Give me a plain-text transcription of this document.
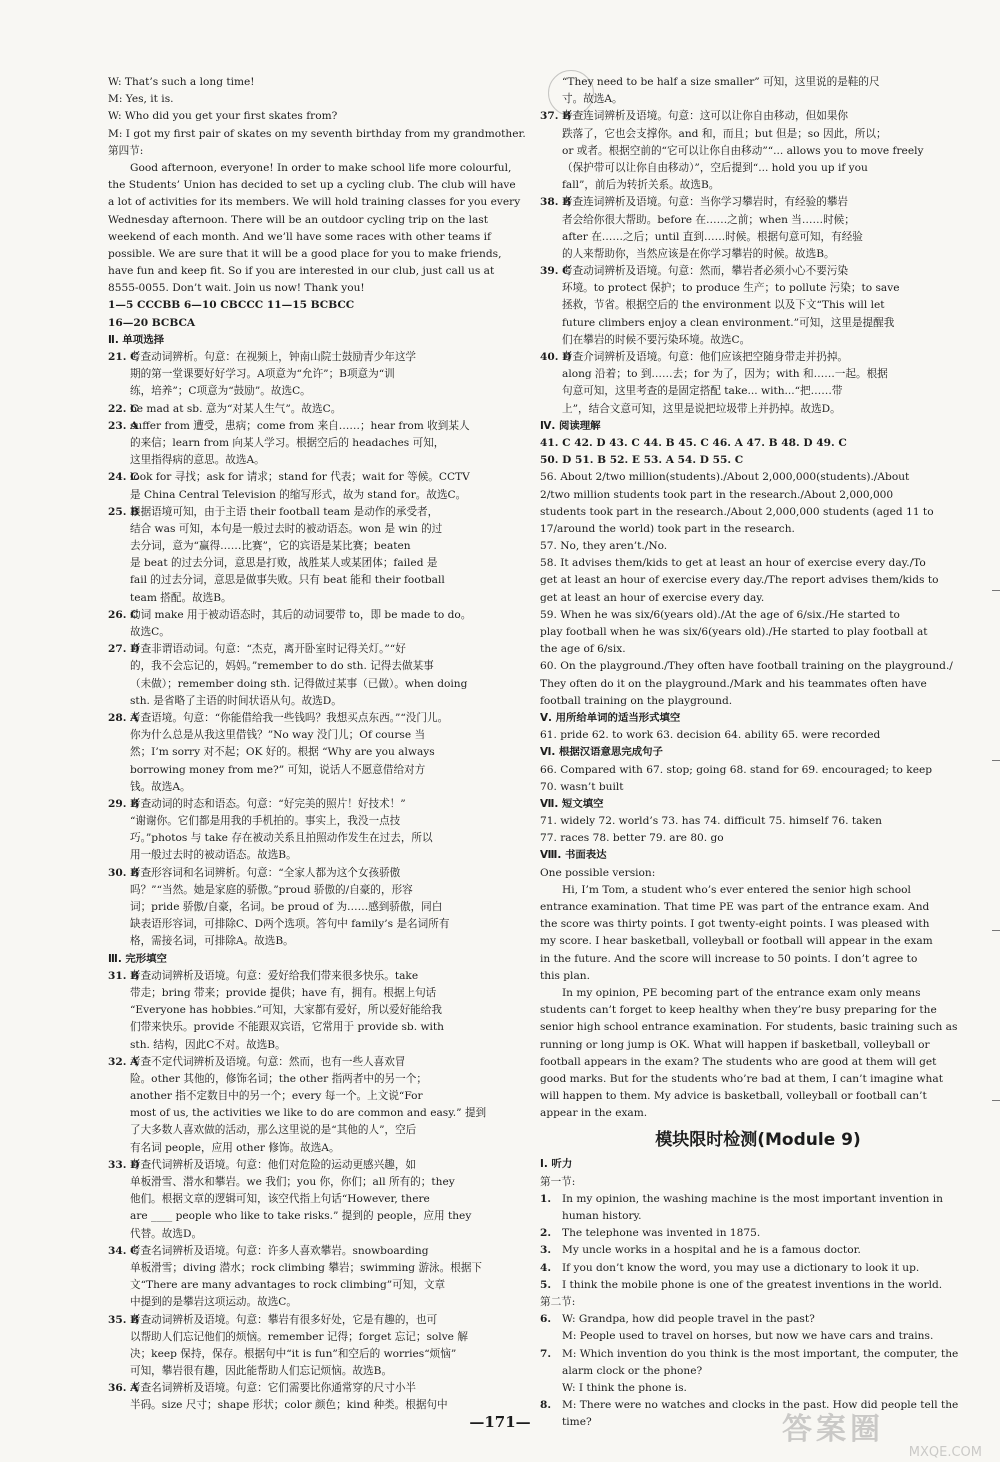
W: That’s such a long time!
M: Yes, it is.
W: Who did you get your first skates from?
M: I got my first pair of skates on my seventh birthday from my grandmother.
第四节:
Good afternoon, everyone! In order to make school life more colourful,
the Students’ Union has decided to set up a cycling club. The club will have
a lot of activities for its members. We will hold training classes for you every
Wednesday afternoon. There will be an outdoor cycling trip on the last
weekend of each month. And we’ll have some races with other teams if
possible. We are sure that it will be a good place for you to make friends,
have fun and keep fit. So if you are interested in our club, just call us at
8555-0055. Don’t wait. Join us now! Thank you!
1—5 CCCBB 6—10 CBCCC 11—15 BCBCC
16—20 BCBCA
Ⅱ. 单项选择
21. C
考查动词辨析。句意：在视频上，钟南山院士鼓励青少年这学
期的第一堂课要好好学习。A项意为“允许”；B项意为“训
练，培养”；C项意为“鼓励”。故选C。
22. C
be mad at sb. 意为“对某人生气”。故选C。
23. A
suffer from 遭受，患病；come from 来自……；hear from 收到某人
的来信；learn from 向某人学习。根据空后的 headaches 可知，
这里指得病的意思。故选A。
24. C
look for 寻找；ask for 请求；stand for 代表；wait for 等候。CCTV
是 China Central Television 的缩写形式，故为 stand for。故选C。
25. B
根据语境可知，由于主语 their football team 是动作的承受者，
结合 was 可知，本句是一般过去时的被动语态。won 是 win 的过
去分词，意为“赢得……比赛”，它的宾语是某比赛；beaten
是 beat 的过去分词，意思是打败，战胜某人或某团体；failed 是
fail 的过去分词，意思是做事失败。只有 beat 能和 their football
team 搭配。故选B。
26. C
动词 make 用于被动语态时，其后的动词要带 to，即 be made to do。
故选C。
27. D
考查非谓语动词。句意：“杰克，离开卧室时记得关灯。”“好
的，我不会忘记的，妈妈。”remember to do sth. 记得去做某事
（未做）；remember doing sth. 记得做过某事（已做）。when doing
sth. 是省略了主语的时间状语从句。故选D。
28. A
考查语境。句意：“你能借给我一些钱吗？我想买点东西。”“没门儿。
你为什么总是从我这里借钱？”No way 没门儿；Of course 当
然；I’m sorry 对不起；OK 好的。根据 “Why are you always
borrowing money from me?” 可知，说话人不愿意借给对方
钱。故选A。
29. B
考查动词的时态和语态。句意：“好完美的照片！好技术！”
“谢谢你。它们都是用我的手机拍的。事实上，我没一点技
巧。”photos 与 take 存在被动关系且拍照动作发生在过去，所以
用一般过去时的被动语态。故选B。
30. B
考查形容词和名词辨析。句意：“全家人都为这个女孩骄傲
吗？”“当然。她是家庭的骄傲。”proud 骄傲的/自豪的，形容
词；pride 骄傲/自豪，名词。be proud of 为……感到骄傲，同白
缺表语形容词，可排除C、D两个选项。答句中 family’s 是名词所有
格，需接名词，可排除A。故选B。
Ⅲ. 完形填空
31. B
考查动词辨析及语境。句意：爱好给我们带来很多快乐。take
带走；bring 带来；provide 提供；have 有，拥有。根据上句话
“Everyone has hobbies.”可知，大家都有爱好，所以爱好能给我
们带来快乐。provide 不能跟双宾语，它常用于 provide sb. with
sth. 结构，因此C不对。故选B。
32. A
考查不定代词辨析及语境。句意：然而，也有一些人喜欢冒
险。other 其他的，修饰名词；the other 指两者中的另一个；
another 指不定数目中的另一个；every 每一个。上文说“For
most of us, the activities we like to do are common and easy.” 提到
了大多数人喜欢做的活动，那么这里说的是“其他的人”，空后
有名词 people，应用 other 修饰。故选A。
33. D
考查代词辨析及语境。句意：他们对危险的运动更感兴趣，如
单板滑雪、潜水和攀岩。we 我们；you 你，你们；all 所有的；they
他们。根据文章的逻辑可知，该空代指上句话“However, there
are ____ people who like to take risks.” 提到的 people，应用 they
代替。故选D。
34. C
考查名词辨析及语境。句意：许多人喜欢攀岩。snowboarding
单板滑雪；diving 潜水；rock climbing 攀岩；swimming 游泳。根据下
文“There are many advantages to rock climbing”可知，文章
中提到的是攀岩这项运动。故选C。
35. B
考查动词辨析及语境。句意：攀岩有很多好处，它是有趣的，也可
以帮助人们忘记他们的烦恼。remember 记得；forget 忘记；solve 解
决；keep 保持，保存。根据句中“it is fun”和空后的 worries“烦恼”
可知，攀岩很有趣，因此能帮助人们忘记烦恼。故选B。
36. A
考查名词辨析及语境。句意：它们需要比你通常穿的尺寸小半
半码。size 尺寸；shape 形状；color 颜色；kind 种类。根据句中
“They need to be half a size smaller” 可知，这里说的是鞋的尺
寸。故选A。
37. B
考查连词辨析及语境。句意：这可以让你自由移动，但如果你
跌落了，它也会支撑你。and 和，而且；but 但是；so 因此，所以；
or 或者。根据空前的“它可以让你自由移动”“... allows you to move freely
（保护带可以让你自由移动）”，空后提到“... hold you up if you
fall”，前后为转折关系。故选B。
38. B
考查连词辨析及语境。句意：当你学习攀岩时，有经验的攀岩
者会给你很大帮助。before 在……之前；when 当……时候；
after 在……之后；until 直到……时候。根据句意可知，有经验
的人来帮助你，当然应该是在你学习攀岩的时候。故选B。
39. C
考查动词辨析及语境。句意：然而，攀岩者必须小心不要污染
环境。to protect 保护；to produce 生产；to pollute 污染；to save
拯救，节省。根据空后的 the environment 以及下文“This will let
future climbers enjoy a clean environment.”可知，这里是提醒我
们在攀岩的时候不要污染环境。故选C。
40. D
考查介词辨析及语境。句意：他们应该把空随身带走并扔掉。
along 沿着；to 到……去；for 为了，因为；with 和……一起。根据
句意可知，这里考查的是固定搭配 take... with...“把……带
上”，结合文意可知，这里是说把垃圾带上并扔掉。故选D。
Ⅳ. 阅读理解
41. C 42. D 43. C 44. B 45. C 46. A 47. B 48. D 49. C
50. D 51. B 52. E 53. A 54. D 55. C
56. About 2/two million(students)./About 2,000,000(students)./About
2/two million students took part in the research./About 2,000,000
students took part in the research./About 2,000,000 students (aged 11 to
17/around the world) took part in the research.
57. No, they aren’t./No.
58. It advises them/kids to get at least an hour of exercise every day./To
get at least an hour of exercise every day./The report advises them/kids to
get at least an hour of exercise every day.
59. When he was six/6(years old)./At the age of 6/six./He started to
play football when he was six/6(years old)./He started to play football at
the age of 6/six.
60. On the playground./They often have football training on the playground./
They often do it on the playground./Mark and his teammates often have
football training on the playground.
Ⅴ. 用所给单词的适当形式填空
61. pride 62. to work 63. decision 64. ability 65. were recorded
Ⅵ. 根据汉语意思完成句子
66. Compared with 67. stop; going 68. stand for 69. encouraged; to keep
70. wasn’t built
Ⅶ. 短文填空
71. widely 72. world’s 73. has 74. difficult 75. himself 76. taken
77. races 78. better 79. are 80. go
Ⅷ. 书面表达
One possible version:
Hi, I’m Tom, a student who’s ever entered the senior high school
entrance examination. That time PE was part of the entrance exam. And
the score was thirty points. I got twenty-eight points. I was pleased with
my score. I hear basketball, volleyball or football will appear in the exam
in the future. And the score will increase to 50 points. I don’t agree to
this plan.
In my opinion, PE becoming part of the entrance exam only means
students can’t forget to keep healthy when they’re busy preparing for the
senior high school entrance examination. For students, basic training such as
running or long jump is OK. What will happen if basketball, volleyball or
football appears in the exam? The students who are good at them will get
good marks. But for the students who’re bad at them, I can’t imagine what
will happen to them. My advice is basketball, volleyball or football can’t
appear in the exam.
模块限时检测(Module 9)
Ⅰ. 听力
第一节:
1.	In my opinion, the washing machine is the most important invention in
human history.
2.	The telephone was invented in 1875.
3.	My uncle works in a hospital and he is a famous doctor.
4.	If you don’t know the word, you may use a dictionary to look it up.
5.	I think the mobile phone is one of the greatest inventions in the world.
第二节:
6.	W: Grandpa, how did people travel in the past?
M: People used to travel on horses, but now we have cars and trains.
7.	M: Which invention do you think is the most important, the computer, the
alarm clock or the phone?
W: I think the phone is.
8.	M: There were no watches and clocks in the past. How did people tell the
time?
—171—	答案圈
MXQE.COM
